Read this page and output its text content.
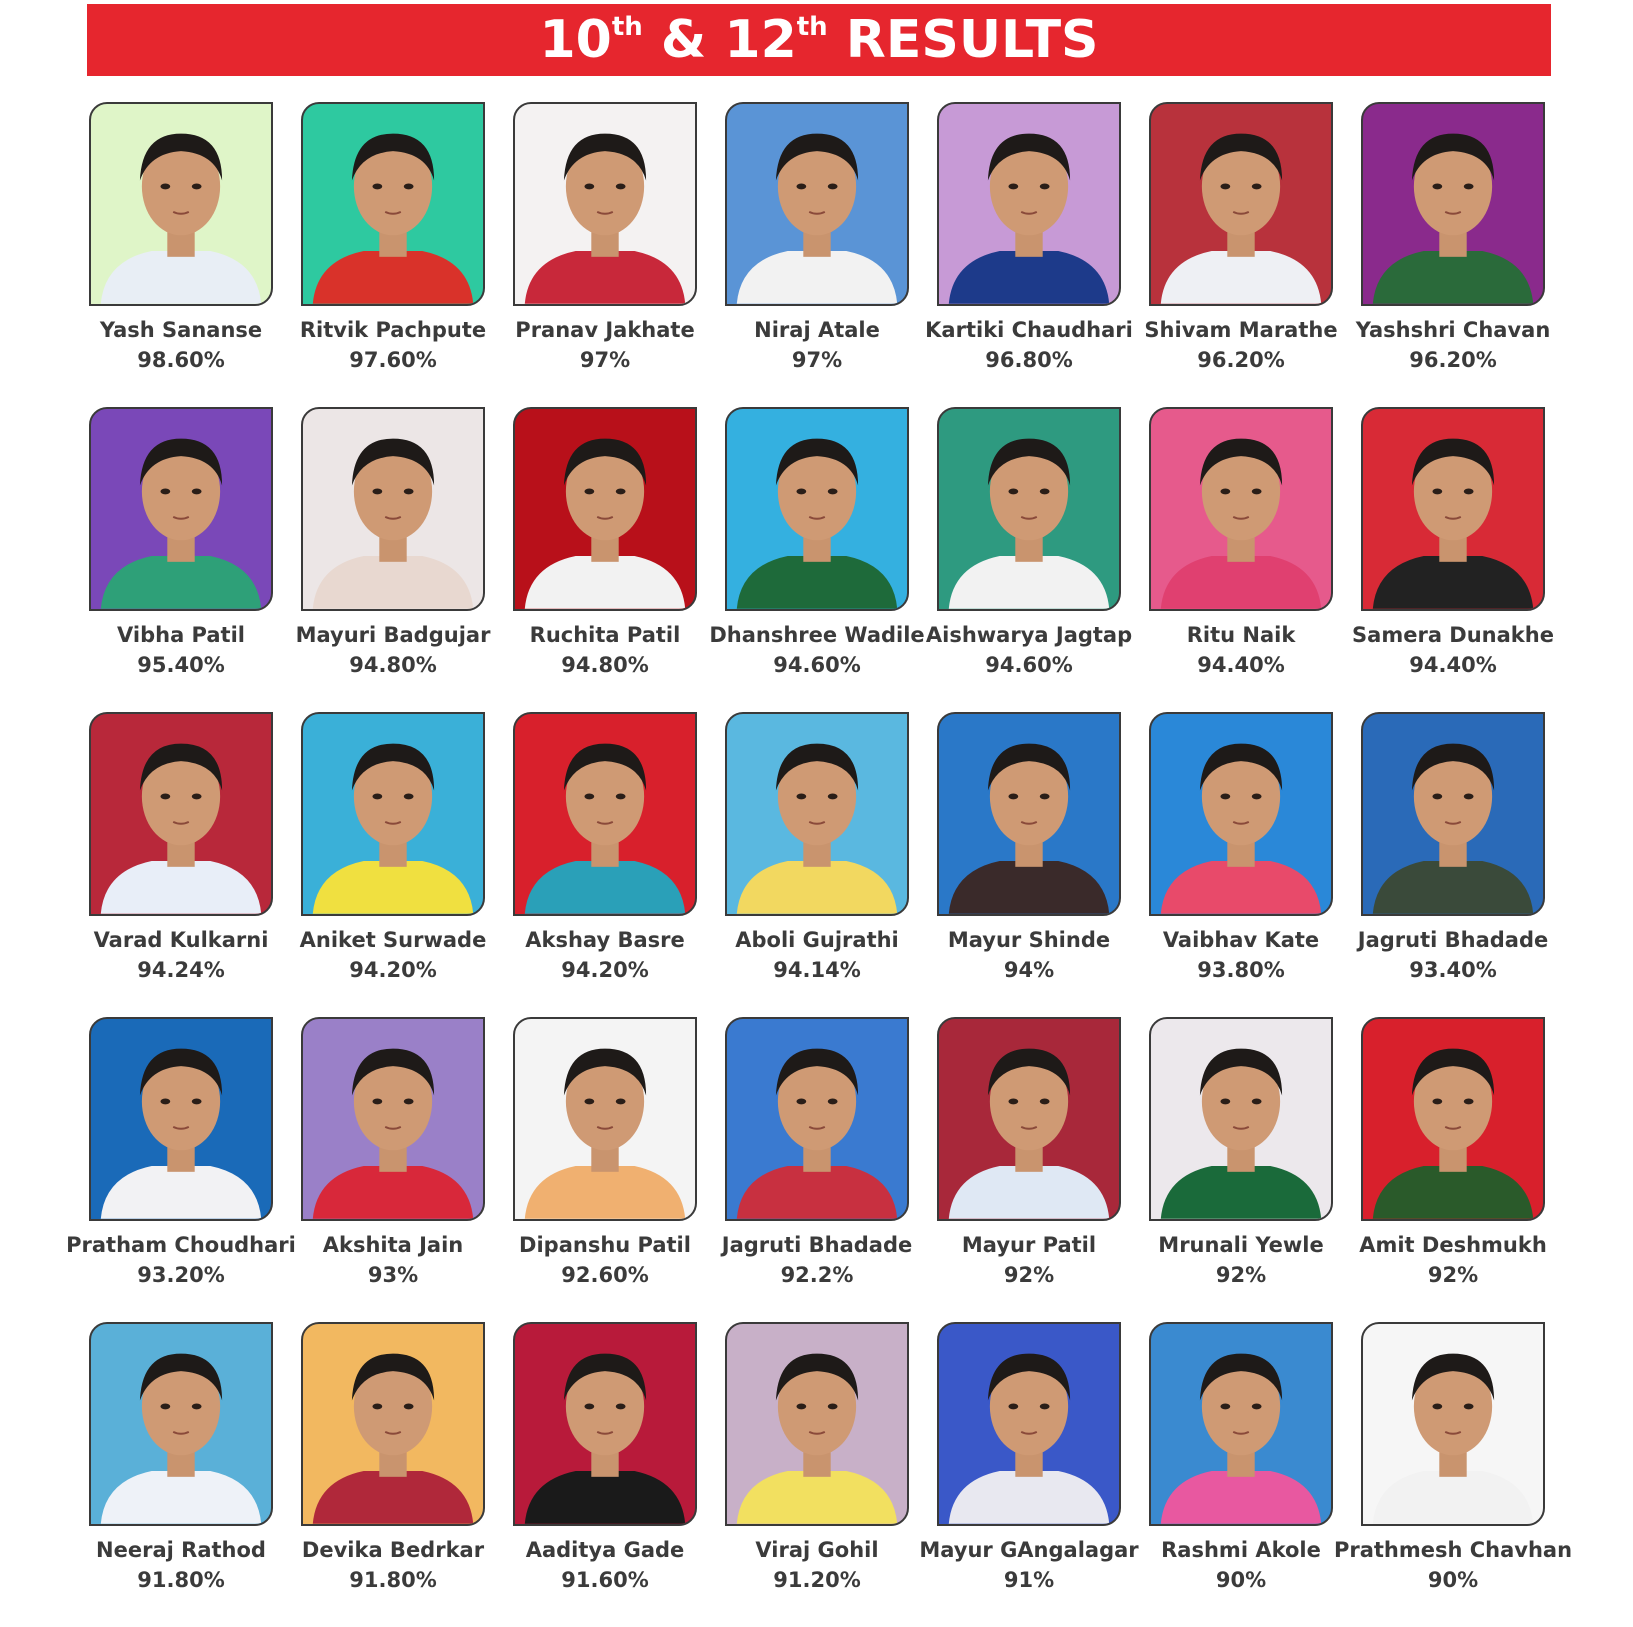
10th & 12th RESULTS
Yash Sananse
98.60%
Ritvik Pachpute
97.60%
Pranav Jakhate
97%
Niraj Atale
97%
Kartiki Chaudhari
96.80%
Shivam Marathe
96.20%
Yashshri Chavan
96.20%
Vibha Patil
95.40%
Mayuri Badgujar
94.80%
Ruchita Patil
94.80%
Dhanshree Wadile
94.60%
Aishwarya Jagtap
94.60%
Ritu Naik
94.40%
Samera Dunakhe
94.40%
Varad Kulkarni
94.24%
Aniket Surwade
94.20%
Akshay Basre
94.20%
Aboli Gujrathi
94.14%
Mayur Shinde
94%
Vaibhav Kate
93.80%
Jagruti Bhadade
93.40%
Pratham Choudhari
93.20%
Akshita Jain
93%
Dipanshu Patil
92.60%
Jagruti Bhadade
92.2%
Mayur Patil
92%
Mrunali Yewle
92%
Amit Deshmukh
92%
Neeraj Rathod
91.80%
Devika Bedrkar
91.80%
Aaditya Gade
91.60%
Viraj Gohil
91.20%
Mayur GAngalagar
91%
Rashmi Akole
90%
Prathmesh Chavhan
90%
